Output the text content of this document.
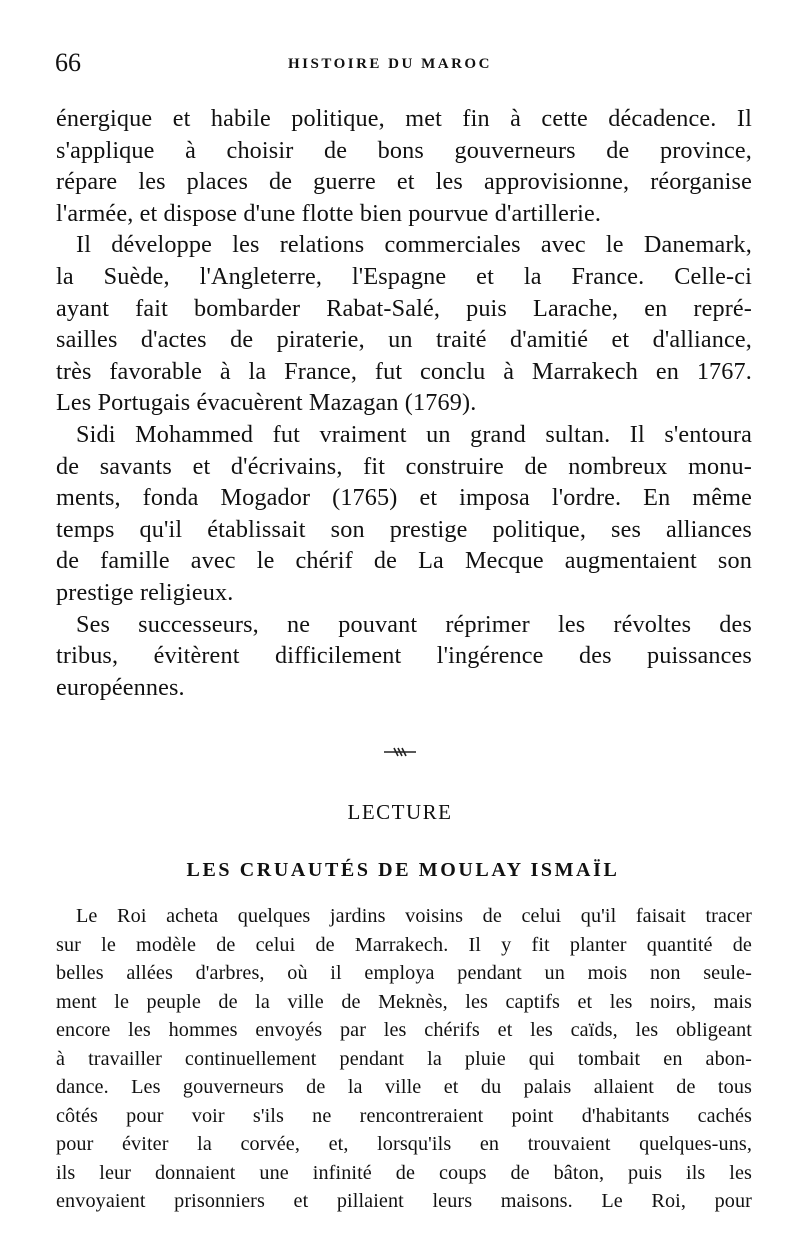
66	HISTOIRE DU MAROC
énergique et habile politique, met fin à cette décadence. Il
s'applique à choisir de bons gouverneurs de province,
répare les places de guerre et les approvisionne, réorganise
l'armée, et dispose d'une flotte bien pourvue d'artillerie.
Il développe les relations commerciales avec le Danemark,
la Suède, l'Angleterre, l'Espagne et la France. Celle-ci
ayant fait bombarder Rabat-Salé, puis Larache, en repré-
sailles d'actes de piraterie, un traité d'amitié et d'alliance,
très favorable à la France, fut conclu à Marrakech en 1767.
Les Portugais évacuèrent Mazagan (1769).
Sidi Mohammed fut vraiment un grand sultan. Il s'entoura
de savants et d'écrivains, fit construire de nombreux monu-
ments, fonda Mogador (1765) et imposa l'ordre. En même
temps qu'il établissait son prestige politique, ses alliances
de famille avec le chérif de La Mecque augmentaient son
prestige religieux.
Ses successeurs, ne pouvant réprimer les révoltes des
tribus, évitèrent difficilement l'ingérence des puissances
européennes.
LECTURE
LES CRUAUTÉS DE MOULAY ISMAÏL
Le Roi acheta quelques jardins voisins de celui qu'il faisait tracer
sur le modèle de celui de Marrakech. Il y fit planter quantité de
belles allées d'arbres, où il employa pendant un mois non seule-
ment le peuple de la ville de Meknès, les captifs et les noirs, mais
encore les hommes envoyés par les chérifs et les caïds, les obligeant
à travailler continuellement pendant la pluie qui tombait en abon-
dance. Les gouverneurs de la ville et du palais allaient de tous
côtés pour voir s'ils ne rencontreraient point d'habitants cachés
pour éviter la corvée, et, lorsqu'ils en trouvaient quelques-uns,
ils leur donnaient une infinité de coups de bâton, puis ils les
envoyaient prisonniers et pillaient leurs maisons. Le Roi, pour
